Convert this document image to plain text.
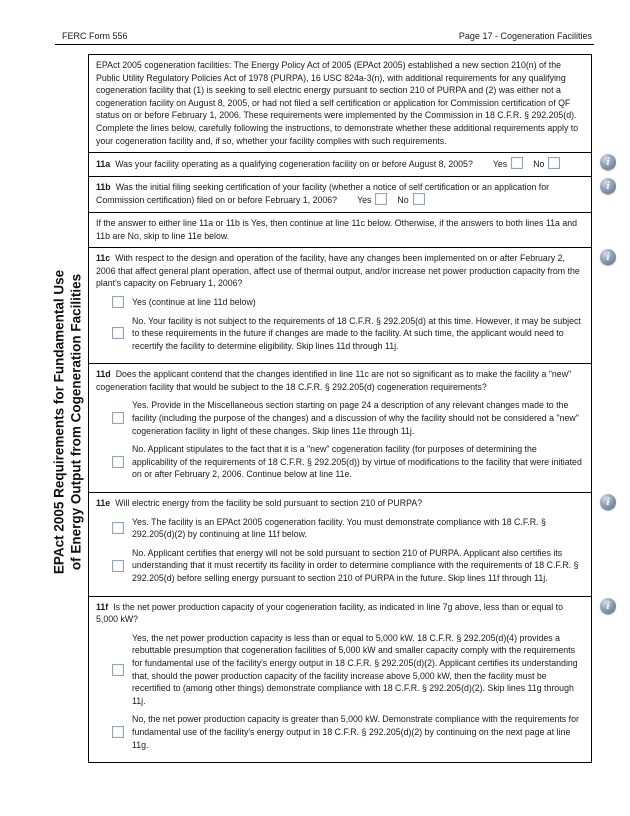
FERC Form 556	Page 17 - Cogeneration Facilities
EPAct 2005 Requirements for Fundamental Use of Energy Output from Cogeneration Facilities

EPAct 2005 cogeneration facilities: The Energy Policy Act of 2005 (EPAct 2005) established a new section 210(n) of the Public Utility Regulatory Policies Act of 1978 (PURPA), 16 USC 824a-3(n), with additional requirements for any qualifying cogeneration facility that (1) is seeking to sell electric energy pursuant to section 210 of PURPA and (2) was either not a cogeneration facility on August 8, 2005, or had not filed a self certification or application for Commission certification of QF status on or before February 1, 2006. These requirements were implemented by the Commission in 18 C.F.R. § 292.205(d). Complete the lines below, carefully following the instructions, to demonstrate whether these additional requirements apply to your cogeneration facility and, if so, whether your facility complies with such requirements.

11a Was your facility operating as a qualifying cogeneration facility on or before August 8, 2005? Yes	No	i

11b Was the initial filing seeking certification of your facility (whether a notice of self certification or an application for Commission certification) filed on or before February 1, 2006? Yes	No

i

If the answer to either line 11a or 11b is Yes, then continue at line 11c below. Otherwise, if the answers to both lines 11a and 11b are No, skip to line 11e below.

11c With respect to the design and operation of the facility, have any changes been implemented on or after February 2, 2006 that affect general plant operation, affect use of thermal output, and/or increase net power production capacity from the plant's capacity on February 1, 2006?

Yes (continue at line 11d below)
No. Your facility is not subject to the requirements of 18 C.F.R. § 292.205(d) at this time. However, it may be subject to these requirements in the future if changes are made to the facility. At such time, the applicant would need to recertify the facility to determine eligibility. Skip lines 11d through 11j.
i

11d Does the applicant contend that the changes identified in line 11c are not so significant as to make the facility a "new" cogeneration facility that would be subject to the 18 C.F.R. § 292.205(d) cogeneration requirements?

Yes. Provide in the Miscellaneous section starting on page 24 a description of any relevant changes made to the facility (including the purpose of the changes) and a discussion of why the facility should not be considered a "new" cogeneration facility in light of these changes. Skip lines 11e through 11j.
No. Applicant stipulates to the fact that it is a "new" cogeneration facility (for purposes of determining the applicability of the requirements of 18 C.F.R. § 292.205(d)) by virtue of modifications to the facility that were initiated on or after February 2, 2006. Continue below at line 11e.

11e Will electric energy from the facility be sold pursuant to section 210 of PURPA?

Yes. The facility is an EPAct 2005 cogeneration facility. You must demonstrate compliance with 18 C.F.R. § 292.205(d)(2) by continuing at line 11f below.
No. Applicant certifies that energy will not be sold pursuant to section 210 of PURPA. Applicant also certifies its understanding that it must recertify its facility in order to determine compliance with the requirements of 18 C.F.R. § 292.205(d) before selling energy pursuant to section 210 of PURPA in the future. Skip lines 11f through 11j.
i

11f Is the net power production capacity of your cogeneration facility, as indicated in line 7g above, less than or equal to 5,000 kW?

Yes, the net power production capacity is less than or equal to 5,000 kW. 18 C.F.R. § 292.205(d)(4) provides a rebuttable presumption that cogeneration facilities of 5,000 kW and smaller capacity comply with the requirements for fundamental use of the facility's energy output in 18 C.F.R. § 292.205(d)(2). Applicant certifies its understanding that, should the power production capacity of the facility increase above 5,000 kW, then the facility must be recertified to (among other things) demonstrate compliance with 18 C.F.R. § 292.205(d)(2). Skip lines 11g through 11j.
No, the net power production capacity is greater than 5,000 kW. Demonstrate compliance with the requirements for fundamental use of the facility's energy output in 18 C.F.R. § 292.205(d)(2) by continuing on the next page at line 11g.
i
